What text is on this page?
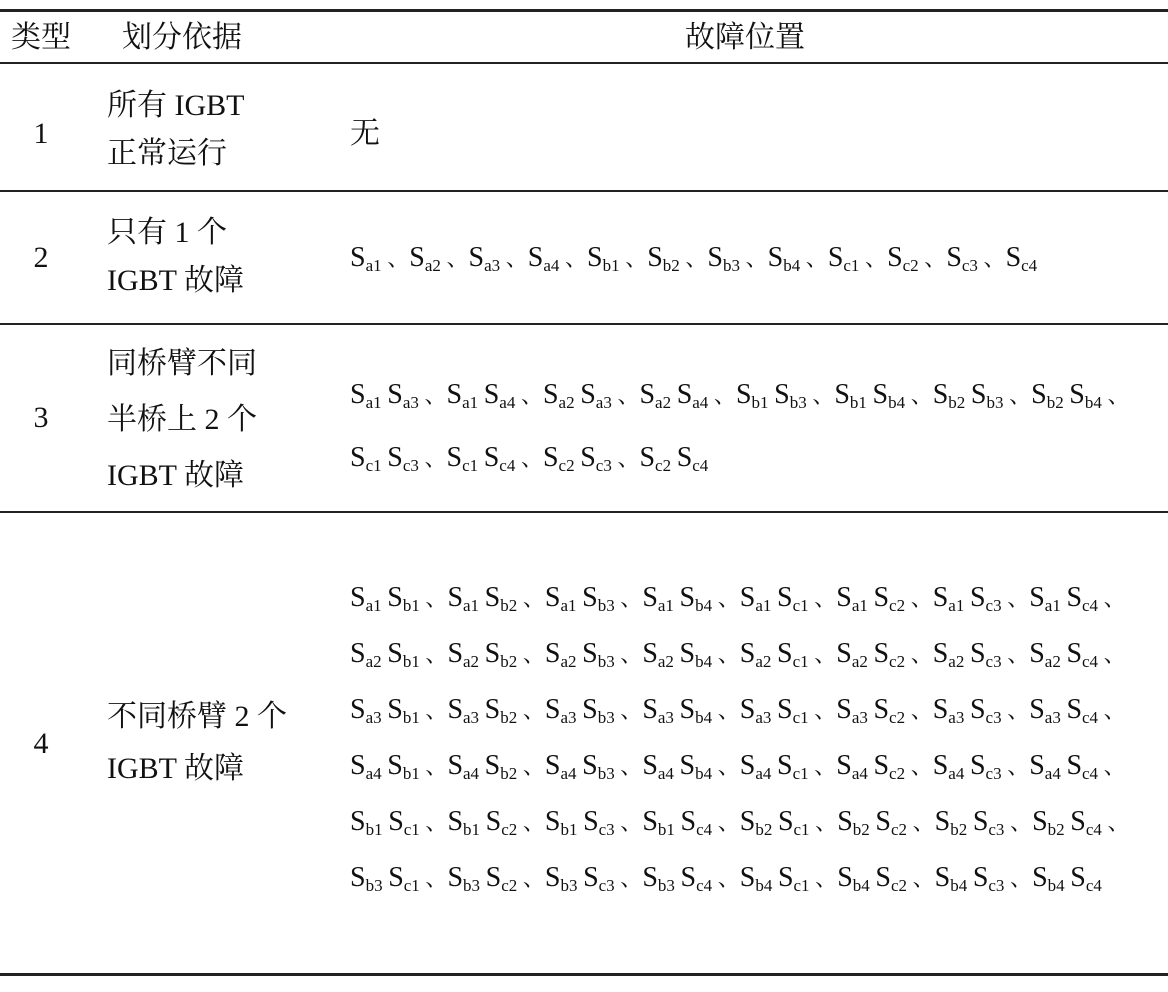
类型	划分依据	故障位置
1
所有 IGBT
正常运行
无
2
只有 1 个
IGBT 故障
$S_{a1}$  、$S_{a2}$  、$S_{a3}$  、$S_{a4}$  、$S_{b1}$  、$S_{b2}$  、$S_{b3}$  、$S_{b4}$  、$S_{c1}$  、$S_{c2}$  、$S_{c3}$  、$S_{c4}$ 
3
同桥臂不同
半桥上 2 个
IGBT 故障
$S_{a1}$  $S_{a3}$  、$S_{a1}$  $S_{a4}$  、$S_{a2}$  $S_{a3}$  、$S_{a2}$  $S_{a4}$  、$S_{b1}$  $S_{b3}$  、$S_{b1}$  $S_{b4}$  、$S_{b2}$  $S_{b3}$  、$S_{b2}$  $S_{b4}$  、
$S_{c1}$  $S_{c3}$  、$S_{c1}$  $S_{c4}$  、$S_{c2}$  $S_{c3}$  、$S_{c2}$  $S_{c4}$ 
4
不同桥臂 2 个
IGBT 故障
$S_{a1}$  $S_{b1}$  、$S_{a1}$  $S_{b2}$  、$S_{a1}$  $S_{b3}$  、$S_{a1}$  $S_{b4}$  、$S_{a1}$  $S_{c1}$  、$S_{a1}$  $S_{c2}$  、$S_{a1}$  $S_{c3}$  、$S_{a1}$  $S_{c4}$  、
$S_{a2}$  $S_{b1}$  、$S_{a2}$  $S_{b2}$  、$S_{a2}$  $S_{b3}$  、$S_{a2}$  $S_{b4}$  、$S_{a2}$  $S_{c1}$  、$S_{a2}$  $S_{c2}$  、$S_{a2}$  $S_{c3}$  、$S_{a2}$  $S_{c4}$  、
$S_{a3}$  $S_{b1}$  、$S_{a3}$  $S_{b2}$  、$S_{a3}$  $S_{b3}$  、$S_{a3}$  $S_{b4}$  、$S_{a3}$  $S_{c1}$  、$S_{a3}$  $S_{c2}$  、$S_{a3}$  $S_{c3}$  、$S_{a3}$  $S_{c4}$  、
$S_{a4}$  $S_{b1}$  、$S_{a4}$  $S_{b2}$  、$S_{a4}$  $S_{b3}$  、$S_{a4}$  $S_{b4}$  、$S_{a4}$  $S_{c1}$  、$S_{a4}$  $S_{c2}$  、$S_{a4}$  $S_{c3}$  、$S_{a4}$  $S_{c4}$  、
$S_{b1}$  $S_{c1}$  、$S_{b1}$  $S_{c2}$  、$S_{b1}$  $S_{c3}$  、$S_{b1}$  $S_{c4}$  、$S_{b2}$  $S_{c1}$  、$S_{b2}$  $S_{c2}$  、$S_{b2}$  $S_{c3}$  、$S_{b2}$  $S_{c4}$  、
$S_{b3}$  $S_{c1}$  、$S_{b3}$  $S_{c2}$  、$S_{b3}$  $S_{c3}$  、$S_{b3}$  $S_{c4}$  、$S_{b4}$  $S_{c1}$  、$S_{b4}$  $S_{c2}$  、$S_{b4}$  $S_{c3}$  、$S_{b4}$  $S_{c4}$ 
